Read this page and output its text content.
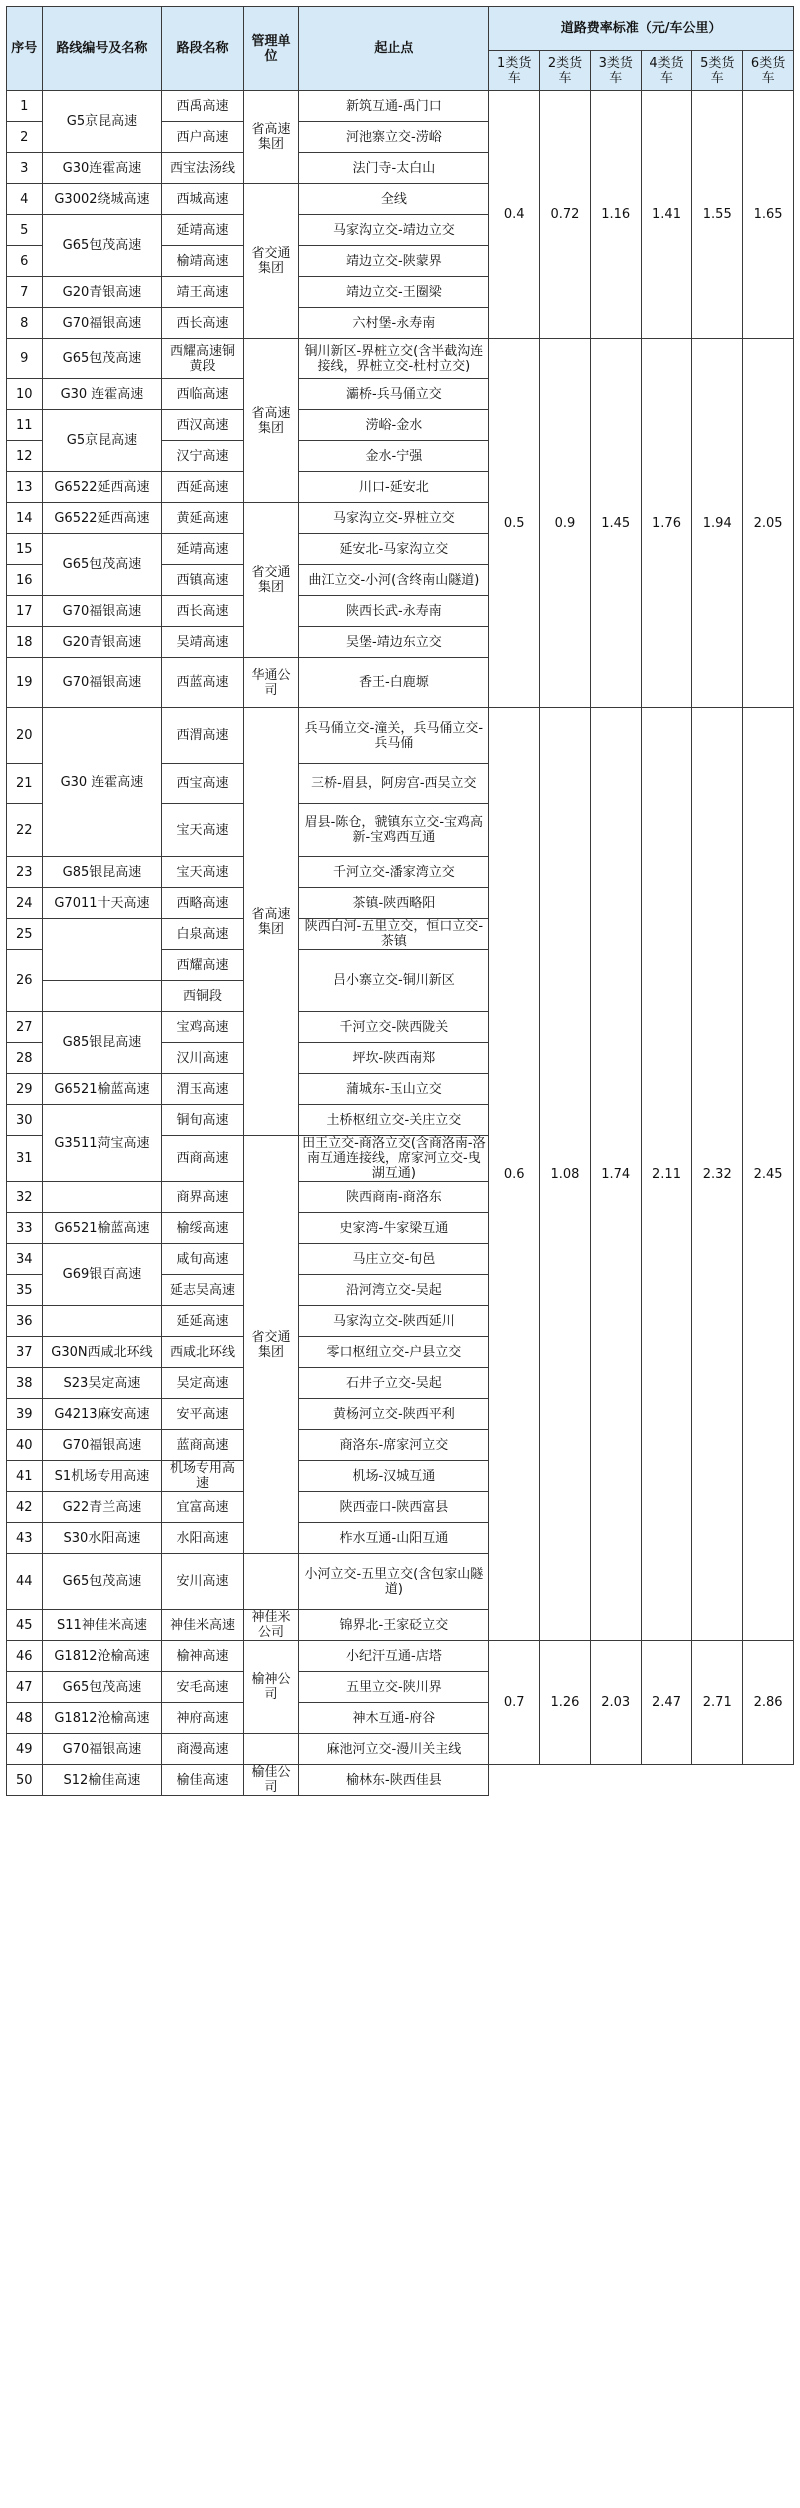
序号	路线编号及名称	路段名称	管理单位	起止点	道路费率标准（元/车公里）					
					1类货车	2类货车	3类货车	4类货车	5类货车	6类货车
1	G5京昆高速	西禹高速	省高速集团	新筑互通-禹门口	0.4	0.72	1.16	1.41	1.55	1.65
2		西户高速		河池寨立交-涝峪						
3	G30连霍高速	西宝法汤线		法门寺-太白山						
4	G3002绕城高速	西城高速	省交通集团	全线						
5	G65包茂高速	延靖高速		马家沟立交-靖边立交						
6		榆靖高速		靖边立交-陕蒙界						
7	G20青银高速	靖王高速		靖边立交-王圈梁						
8	G70福银高速	西长高速		六村堡-永寿南						
9	G65包茂高速	西耀高速铜黄段	省高速集团	铜川新区-界桩立交(含半截沟连接线，界桩立交-杜村立交)	0.5	0.9	1.45	1.76	1.94	2.05
10	G30 连霍高速	西临高速		灞桥-兵马俑立交						
11	G5京昆高速	西汉高速		涝峪-金水						
12		汉宁高速		金水-宁强						
13	G6522延西高速	西延高速		川口-延安北						
14	G6522延西高速	黄延高速	省交通集团	马家沟立交-界桩立交						
15	G65包茂高速	延靖高速		延安北-马家沟立交						
16		西镇高速		曲江立交-小河(含终南山隧道)						
17	G70福银高速	西长高速		陕西长武-永寿南						
18	G20青银高速	吴靖高速		吴堡-靖边东立交						
19	G70福银高速	西蓝高速	华通公司	香王-白鹿塬						
20	G30 连霍高速	西渭高速	省高速集团	兵马俑立交-潼关，兵马俑立交-兵马俑	0.6	1.08	1.74	2.11	2.32	2.45
21		西宝高速		三桥-眉县，阿房宫-西吴立交						
22		宝天高速		眉县-陈仓，虢镇东立交-宝鸡高新-宝鸡西互通						
23	G85银昆高速	宝天高速		千河立交-潘家湾立交						
24	G7011十天高速	西略高速		茶镇-陕西略阳						
25		白泉高速		陕西白河-五里立交，恒口立交-茶镇						
26		西耀高速		吕小寨立交-铜川新区						
		西铜段								
27	G85银昆高速	宝鸡高速		千河立交-陕西陇关						
28		汉川高速		坪坎-陕西南郑						
29	G6521榆蓝高速	渭玉高速		蒲城东-玉山立交						
30	G3511菏宝高速	铜旬高速		土桥枢纽立交-关庄立交						
31		西商高速	省交通集团	田王立交-商洛立交(含商洛南-洛南互通连接线，席家河立交-曳湖互通)						
32		商界高速		陕西商南-商洛东						
33	G6521榆蓝高速	榆绥高速		史家湾-牛家梁互通						
34	G69银百高速	咸旬高速		马庄立交-旬邑						
35		延志吴高速		沿河湾立交-吴起						
36		延延高速		马家沟立交-陕西延川						
37	G30N西咸北环线	西咸北环线		零口枢纽立交-户县立交						
38	S23吴定高速	吴定高速		石井子立交-吴起						
39	G4213麻安高速	安平高速		黄杨河立交-陕西平利						
40	G70福银高速	蓝商高速		商洛东-席家河立交						
41	S1机场专用高速	机场专用高速		机场-汉城互通						
42	G22青兰高速	宜富高速		陕西壶口-陕西富县						
43	S30水阳高速	水阳高速		柞水互通-山阳互通						
44	G65包茂高速	安川高速		小河立交-五里立交(含包家山隧道)						
45	S11神佳米高速	神佳米高速	神佳米公司	锦界北-王家砭立交						
46	G1812沧榆高速	榆神高速	榆神公司	小纪汗互通-店塔	0.7	1.26	2.03	2.47	2.71	2.86
47	G65包茂高速	安毛高速		五里立交-陕川界						
48	G1812沧榆高速	神府高速		神木互通-府谷						
49	G70福银高速	商漫高速		麻池河立交-漫川关主线						
50	S12榆佳高速	榆佳高速	榆佳公司	榆林东-陕西佳县						
